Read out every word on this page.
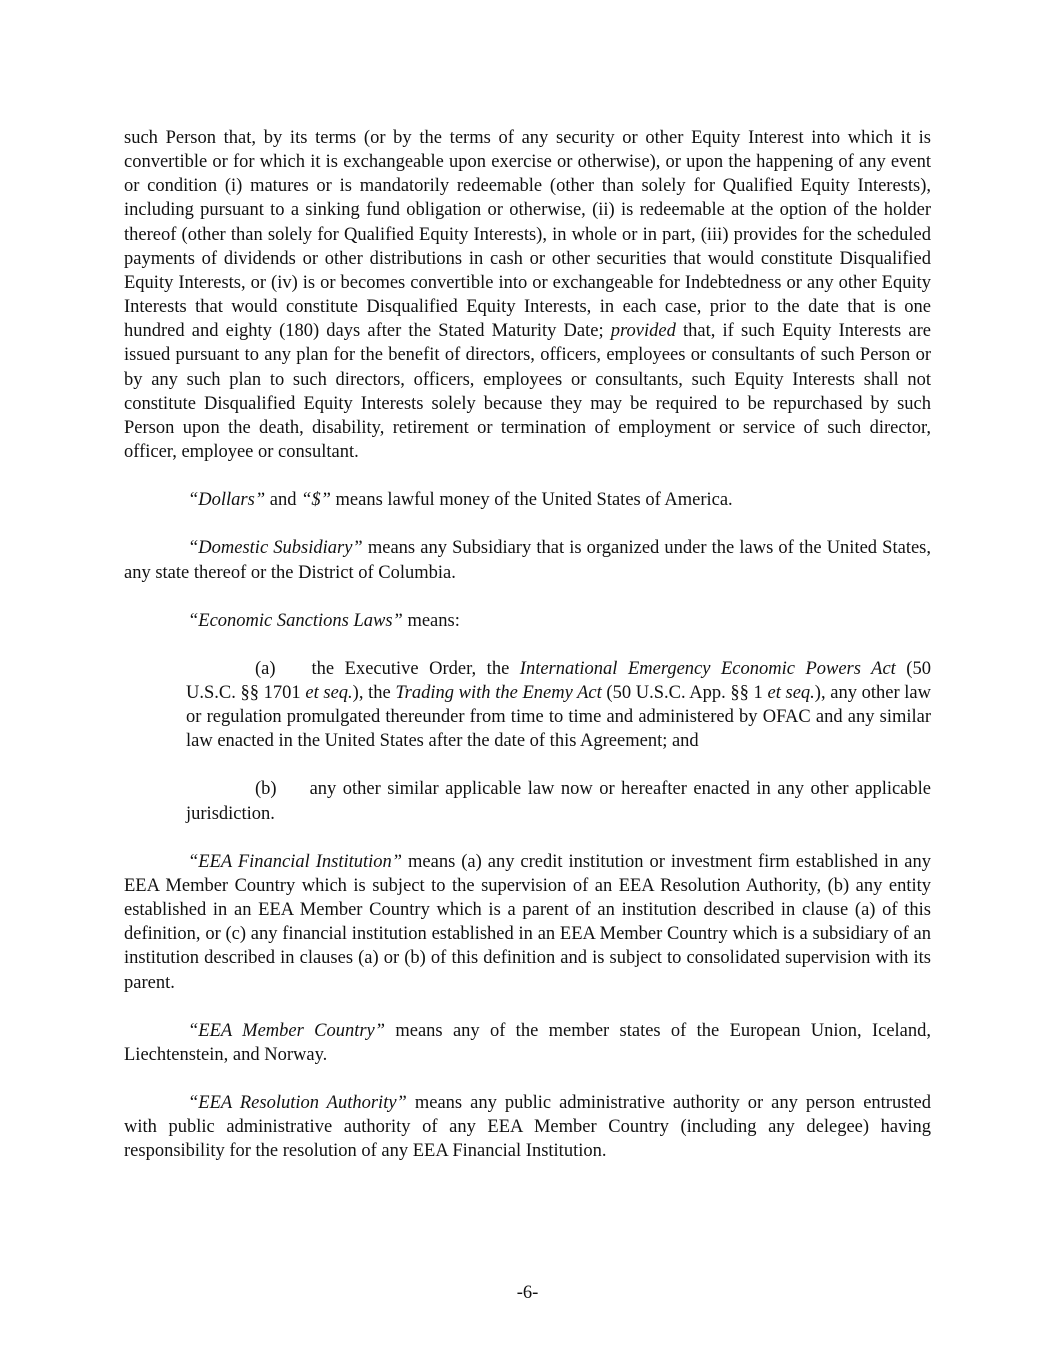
such Person that, by its terms (or by the terms of any security or other Equity Interest into which it is convertible or for which it is exchangeable upon exercise or otherwise), or upon the happening of any event or condition (i) matures or is mandatorily redeemable (other than solely for Qualified Equity Interests), including pursuant to a sinking fund obligation or otherwise, (ii) is redeemable at the option of the holder thereof (other than solely for Qualified Equity Interests), in whole or in part, (iii) provides for the scheduled payments of dividends or other distributions in cash or other securities that would constitute Disqualified Equity Interests, or (iv) is or becomes convertible into or exchangeable for Indebtedness or any other Equity Interests that would constitute Disqualified Equity Interests, in each case, prior to the date that is one hundred and eighty (180) days after the Stated Maturity Date; provided that, if such Equity Interests are issued pursuant to any plan for the benefit of directors, officers, employees or consultants of such Person or by any such plan to such directors, officers, employees or consultants, such Equity Interests shall not constitute Disqualified Equity Interests solely because they may be required to be repurchased by such Person upon the death, disability, retirement or termination of employment or service of such director, officer, employee or consultant.

“Dollars” and “$” means lawful money of the United States of America.

“Domestic Subsidiary” means any Subsidiary that is organized under the laws of the United States, any state thereof or the District of Columbia.

“Economic Sanctions Laws” means:

(a) the Executive Order, the International Emergency Economic Powers Act (50 U.S.C. §§ 1701 et seq.), the Trading with the Enemy Act (50 U.S.C. App. §§ 1 et seq.), any other law or regulation promulgated thereunder from time to time and administered by OFAC and any similar law enacted in the United States after the date of this Agreement; and

(b) any other similar applicable law now or hereafter enacted in any other applicable jurisdiction.

“EEA Financial Institution” means (a) any credit institution or investment firm established in any EEA Member Country which is subject to the supervision of an EEA Resolution Authority, (b) any entity established in an EEA Member Country which is a parent of an institution described in clause (a) of this definition, or (c) any financial institution established in an EEA Member Country which is a subsidiary of an institution described in clauses (a) or (b) of this definition and is subject to consolidated supervision with its parent.

“EEA Member Country” means any of the member states of the European Union, Iceland, Liechtenstein, and Norway.

“EEA Resolution Authority” means any public administrative authority or any person entrusted with public administrative authority of any EEA Member Country (including any delegee) having responsibility for the resolution of any EEA Financial Institution.

-6-
